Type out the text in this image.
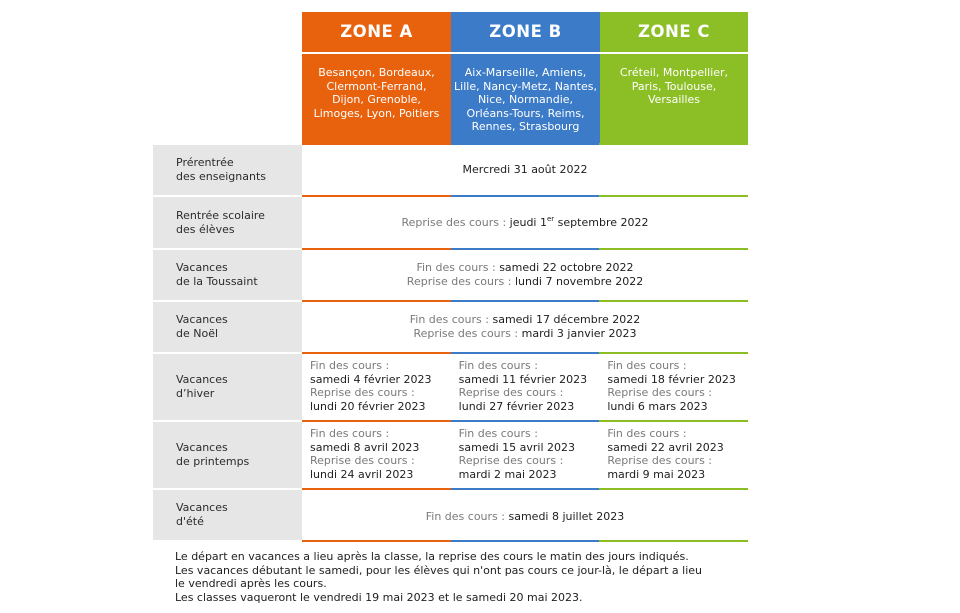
ZONE A
Besançon, Bordeaux,
Clermont-Ferrand,
Dijon, Grenoble,
Limoges, Lyon, Poitiers
ZONE B
Aix-Marseille, Amiens,
Lille, Nancy-Metz, Nantes,
Nice, Normandie,
Orléans-Tours, Reims,
Rennes, Strasbourg
ZONE C
Créteil, Montpellier,
Paris, Toulouse,
Versailles
Prérentrée
des enseignants
Mercredi 31 août 2022
Rentrée scolaire
des élèves
Reprise des cours : jeudi 1er septembre 2022
Vacances
de la Toussaint
Fin des cours : samedi 22 octobre 2022
Reprise des cours : lundi 7 novembre 2022
Vacances
de Noël
Fin des cours : samedi 17 décembre 2022
Reprise des cours : mardi 3 janvier 2023
Vacances
d’hiver
Fin des cours :
samedi 4 février 2023
Reprise des cours :
lundi 20 février 2023
Fin des cours :
samedi 11 février 2023
Reprise des cours :
lundi 27 février 2023
Fin des cours :
samedi 18 février 2023
Reprise des cours :
lundi 6 mars 2023
Vacances
de printemps
Fin des cours :
samedi 8 avril 2023
Reprise des cours :
lundi 24 avril 2023
Fin des cours :
samedi 15 avril 2023
Reprise des cours :
mardi 2 mai 2023
Fin des cours :
samedi 22 avril 2023
Reprise des cours :
mardi 9 mai 2023
Vacances
d'été	Fin des cours : samedi 8 juillet 2023
Le départ en vacances a lieu après la classe, la reprise des cours le matin des jours indiqués.
Les vacances débutant le samedi, pour les élèves qui n'ont pas cours ce jour-là, le départ a lieu
le vendredi après les cours.
Les classes vaqueront le vendredi 19 mai 2023 et le samedi 20 mai 2023.
